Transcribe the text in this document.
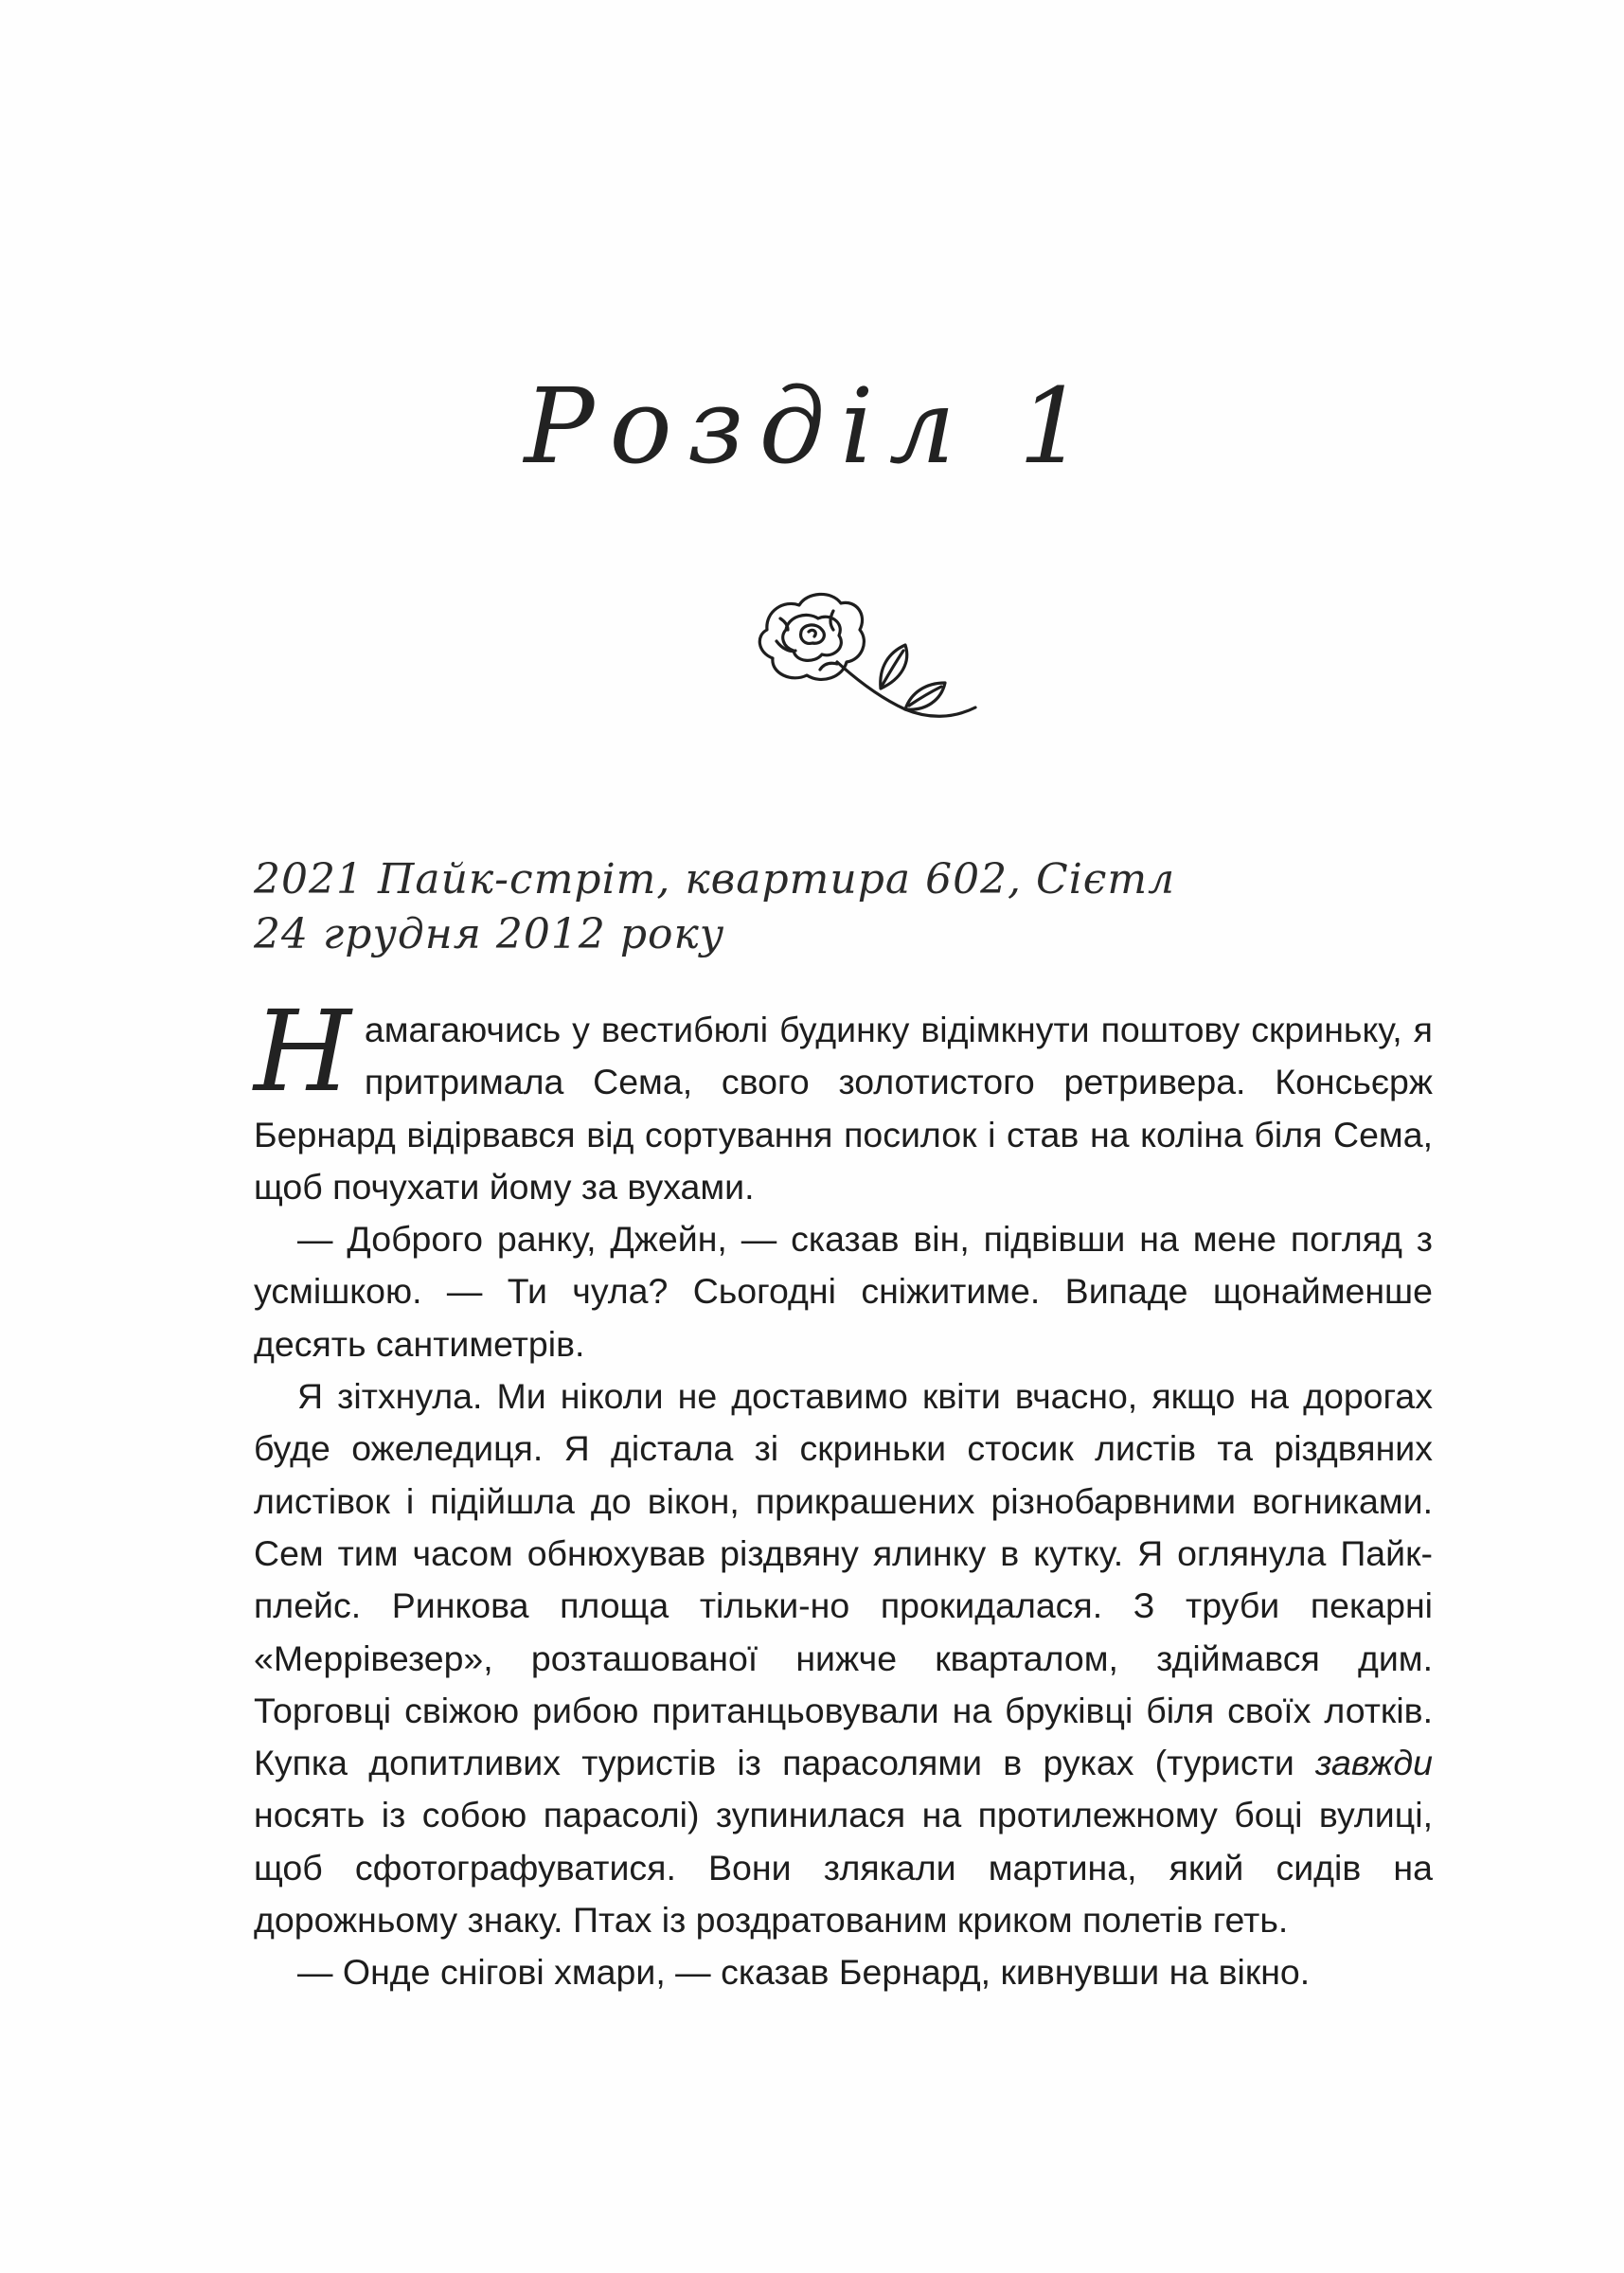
Розділ 1
2021 Пайк-стріт, квартира 602, Сієтл
24 грудня 2012 року

Намагаючись у вестибюлі будинку відімкнути поштову скриньку, я притримала Сема, свого золотистого ретривера. Консьєрж Бернард відірвався від сортування посилок і став на коліна біля Сема, щоб почухати йому за вухами.

— Доброго ранку, Джейн, — сказав він, підвівши на мене погляд з усмішкою. — Ти чула? Сьогодні сніжитиме. Випаде щонайменше десять сантиметрів.

Я зітхнула. Ми ніколи не доставимо квіти вчасно, якщо на дорогах буде ожеледиця. Я дістала зі скриньки стосик листів та різдвяних листівок і підійшла до вікон, прикрашених різнобарвними вогниками. Сем тим часом обнюхував різдвяну ялинку в кутку. Я оглянула Пайк-плейс. Ринкова площа тільки-но прокидалася. З труби пекарні «Меррівезер», розташованої нижче кварталом, здіймався дим. Торговці свіжою рибою пританцьовували на бруківці біля своїх лотків. Купка допитливих туристів із парасолями в руках (туристи завжди носять із собою парасолі) зупинилася на протилежному боці вулиці, щоб сфотографуватися. Вони злякали мартина, який сидів на дорожньому знаку. Птах із роздратованим криком полетів геть.

— Онде снігові хмари, — сказав Бернард, кивнувши на вікно.
